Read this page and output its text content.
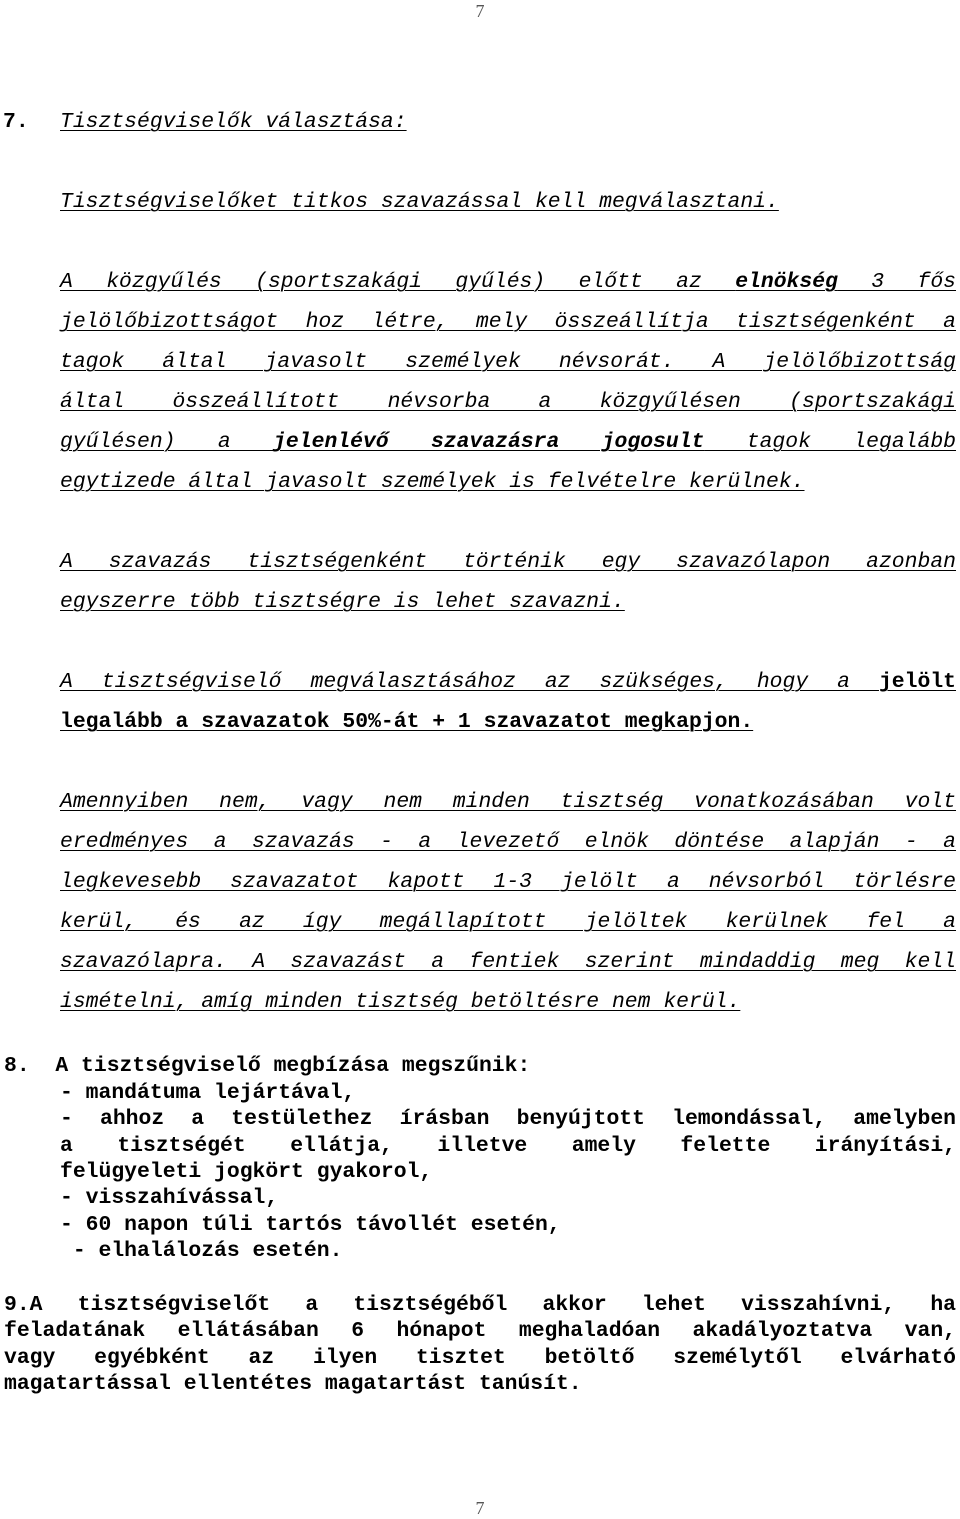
7

7. Tisztségviselők választása:

Tisztségviselőket titkos szavazással kell megválasztani.

A közgyűlés (sportszakági gyűlés) előtt az elnökség 3 fős

jelölőbizottságot hoz létre, mely összeállítja tisztségenként a

tagok által javasolt személyek névsorát. A jelölőbizottság

által összeállított névsorba a közgyűlésen (sportszakági

gyűlésen) a jelenlévő szavazásra jogosult tagok legalább

egytizede által javasolt személyek is felvételre kerülnek.

A szavazás tisztségenként történik egy szavazólapon azonban

egyszerre több tisztségre is lehet szavazni.

A tisztségviselő megválasztásához az szükséges, hogy a jelölt

legalább a szavazatok 50%-át + 1 szavazatot megkapjon.

Amennyiben nem, vagy nem minden tisztség vonatkozásában volt

eredményes a szavazás - a levezető elnök döntése alapján - a

legkevesebb szavazatot kapott 1-3 jelölt a névsorból törlésre

kerül, és az így megállapított jelöltek kerülnek fel a

szavazólapra. A szavazást a fentiek szerint mindaddig meg kell

ismételni, amíg minden tisztség betöltésre nem kerül.

8.  A tisztségviselő megbízása megszűnik:

- mandátuma lejártával,

- ahhoz a testülethez írásban benyújtott lemondással, amelyben

a tisztségét ellátja, illetve amely felette irányítási,

felügyeleti jogkört gyakorol,

- visszahívással,

- 60 napon túli tartós távollét esetén,

- elhalálozás esetén.

9.A tisztségviselőt a tisztségéből akkor lehet visszahívni, ha

feladatának ellátásában 6 hónapot meghaladóan akadályoztatva van,

vagy egyébként az ilyen tisztet betöltő személytől elvárható

magatartással ellentétes magatartást tanúsít.

7
